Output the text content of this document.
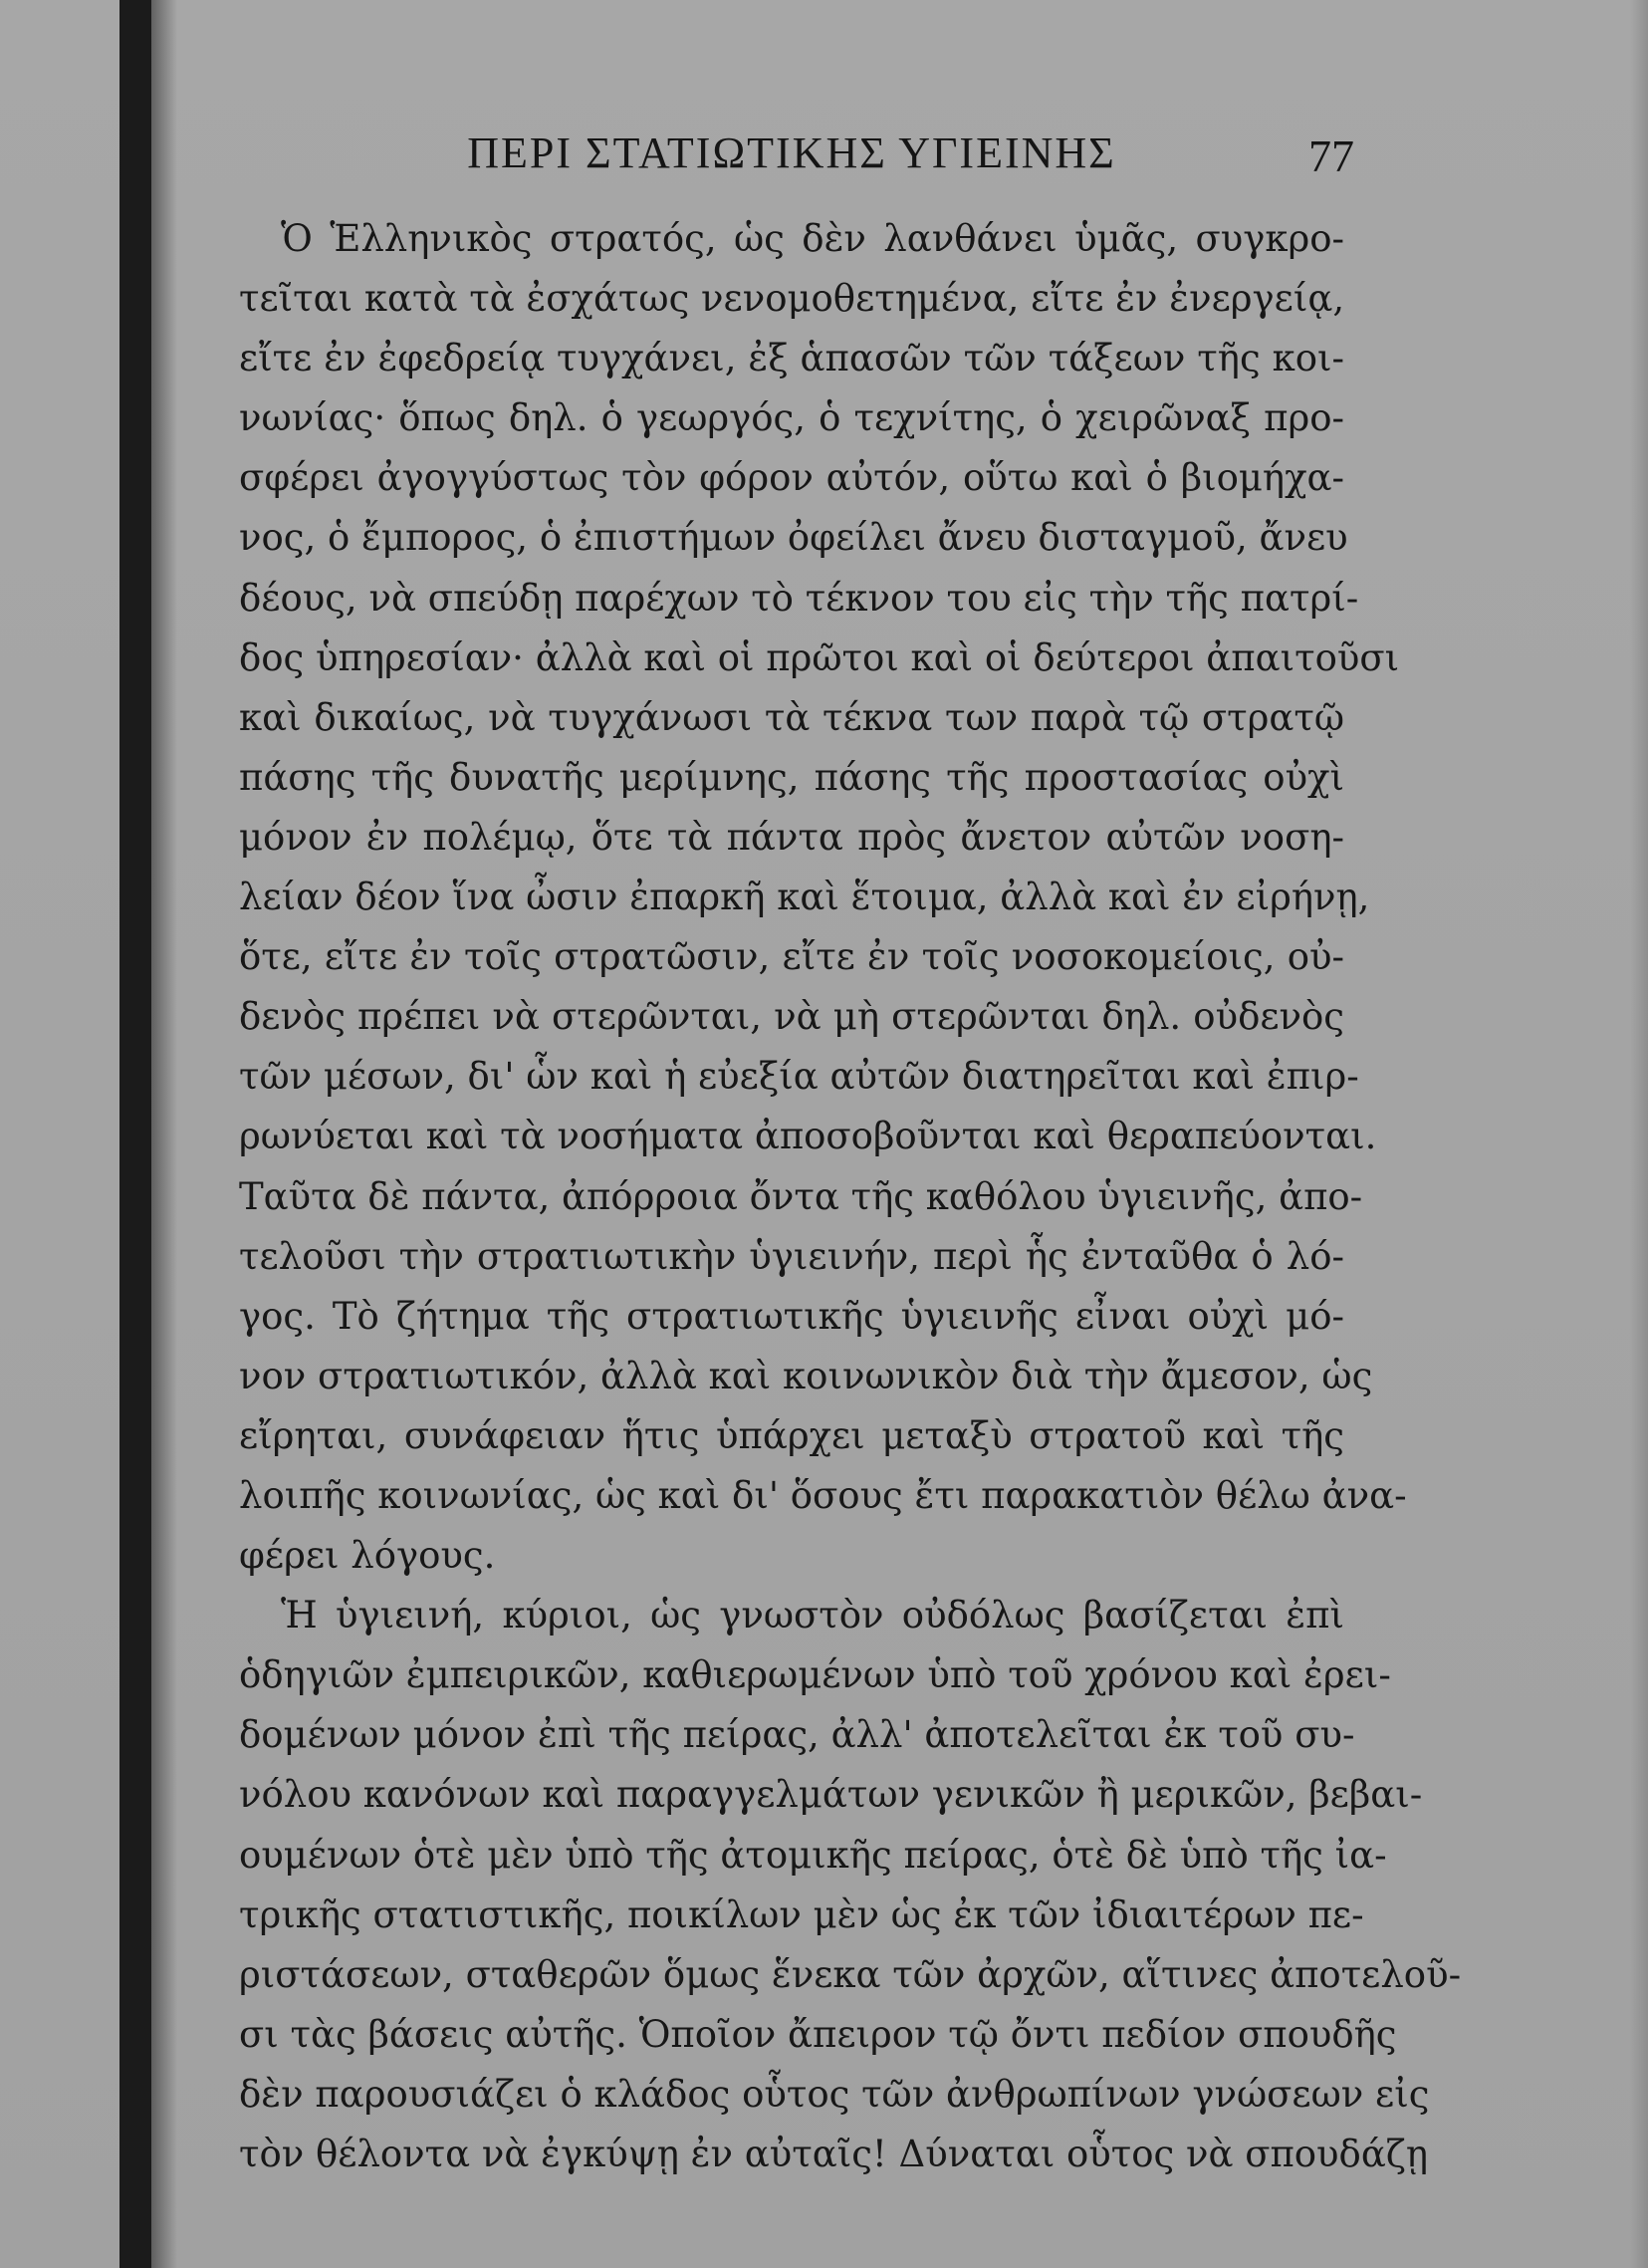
ΠΕΡΙ ΣΤΑΤΙΩΤΙΚΗΣ ΥΓΙΕΙΝΗΣ	77
Ὁ Ἑλληνικὸς στρατός, ὡς δὲν λανθάνει ὑμᾶς, συγκρο-
τεῖται κατὰ τὰ ἐσχάτως νενομοθετημένα, εἴτε ἐν ἐνεργείᾳ,
εἴτε ἐν ἐφεδρείᾳ τυγχάνει, ἐξ ἁπασῶν τῶν τάξεων τῆς κοι-
νωνίας· ὅπως δηλ. ὁ γεωργός, ὁ τεχνίτης, ὁ χειρῶναξ προ-
σφέρει ἀγογγύστως τὸν φόρον αὐτόν, οὕτω καὶ ὁ βιομήχα-
νος, ὁ ἔμπορος, ὁ ἐπιστήμων ὀφείλει ἄνευ δισταγμοῦ, ἄνευ
δέους, νὰ σπεύδῃ παρέχων τὸ τέκνον του εἰς τὴν τῆς πατρί-
δος ὑπηρεσίαν· ἀλλὰ καὶ οἱ πρῶτοι καὶ οἱ δεύτεροι ἀπαιτοῦσι
καὶ δικαίως, νὰ τυγχάνωσι τὰ τέκνα των παρὰ τῷ στρατῷ
πάσης τῆς δυνατῆς μερίμνης, πάσης τῆς προστασίας οὐχὶ
μόνον ἐν πολέμῳ, ὅτε τὰ πάντα πρὸς ἄνετον αὐτῶν νοση-
λείαν δέον ἵνα ὦσιν ἐπαρκῆ καὶ ἕτοιμα, ἀλλὰ καὶ ἐν εἰρήνῃ,
ὅτε, εἴτε ἐν τοῖς στρατῶσιν, εἴτε ἐν τοῖς νοσοκομείοις, οὐ-
δενὸς πρέπει νὰ στερῶνται, νὰ μὴ στερῶνται δηλ. οὐδενὸς
τῶν μέσων, δι' ὧν καὶ ἡ εὐεξία αὐτῶν διατηρεῖται καὶ ἐπιρ-
ρωνύεται καὶ τὰ νοσήματα ἀποσοβοῦνται καὶ θεραπεύονται.
Ταῦτα δὲ πάντα, ἀπόρροια ὄντα τῆς καθόλου ὑγιεινῆς, ἀπο-
τελοῦσι τὴν στρατιωτικὴν ὑγιεινήν, περὶ ἧς ἐνταῦθα ὁ λό-
γος. Τὸ ζήτημα τῆς στρατιωτικῆς ὑγιεινῆς εἶναι οὐχὶ μό-
νον στρατιωτικόν, ἀλλὰ καὶ κοινωνικὸν διὰ τὴν ἄμεσον, ὡς
εἴρηται, συνάφειαν ἥτις ὑπάρχει μεταξὺ στρατοῦ καὶ τῆς
λοιπῆς κοινωνίας, ὡς καὶ δι' ὅσους ἔτι παρακατιὸν θέλω ἀνα-
φέρει λόγους.
Ἡ ὑγιεινή, κύριοι, ὡς γνωστὸν οὐδόλως βασίζεται ἐπὶ
ὁδηγιῶν ἐμπειρικῶν, καθιερωμένων ὑπὸ τοῦ χρόνου καὶ ἐρει-
δομένων μόνον ἐπὶ τῆς πείρας, ἀλλ' ἀποτελεῖται ἐκ τοῦ συ-
νόλου κανόνων καὶ παραγγελμάτων γενικῶν ἢ μερικῶν, βεβαι-
ουμένων ὁτὲ μὲν ὑπὸ τῆς ἀτομικῆς πείρας, ὁτὲ δὲ ὑπὸ τῆς ἰα-
τρικῆς στατιστικῆς, ποικίλων μὲν ὡς ἐκ τῶν ἰδιαιτέρων πε-
ριστάσεων, σταθερῶν ὅμως ἕνεκα τῶν ἀρχῶν, αἵτινες ἀποτελοῦ-
σι τὰς βάσεις αὐτῆς. Ὁποῖον ἄπειρον τῷ ὄντι πεδίον σπουδῆς
δὲν παρουσιάζει ὁ κλάδος οὗτος τῶν ἀνθρωπίνων γνώσεων εἰς
τὸν θέλοντα νὰ ἐγκύψῃ ἐν αὐταῖς! Δύναται οὗτος νὰ σπουδάζῃ
